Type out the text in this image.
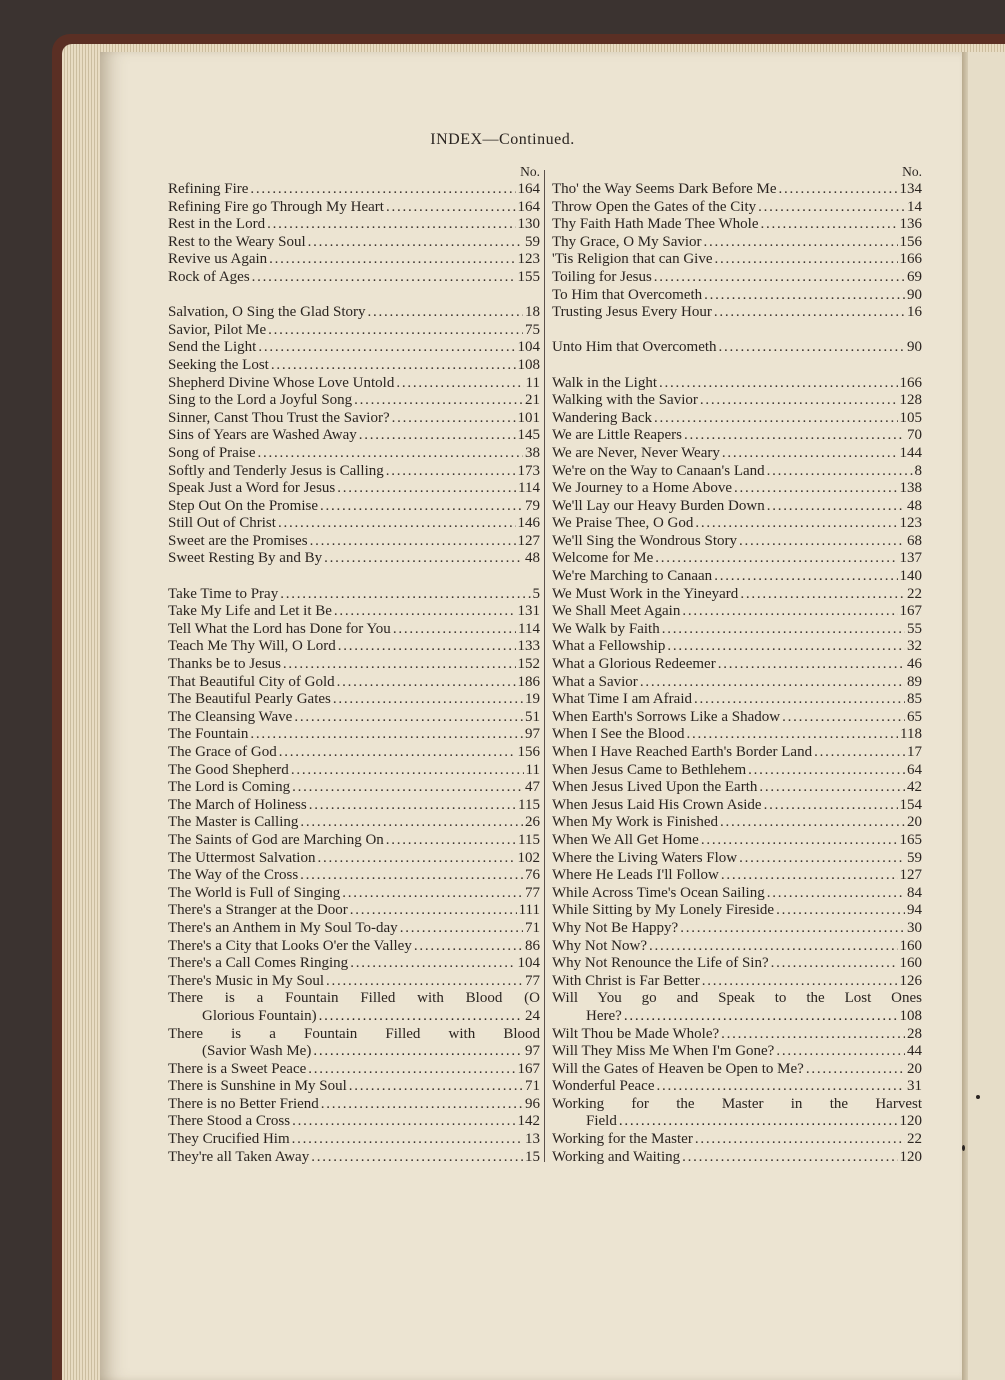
INDEX—Continued.
No.
Refining Fire . . .	164
Refining Fire go Through My Heart . . .	164
Rest in the Lord . . .	130
Rest to the Weary Soul . . .	59
Revive us Again . . .	123
Rock of Ages . . .	155
Salvation, O Sing the Glad Story . . .	18
Savior, Pilot Me . . .	75
Send the Light . . .	104
Seeking the Lost . . .	108
Shepherd Divine Whose Love Untold . . .	11
Sing to the Lord a Joyful Song . . .	21
Sinner, Canst Thou Trust the Savior? . . .	101
Sins of Years are Washed Away . . .	145
Song of Praise . . .	38
Softly and Tenderly Jesus is Calling . . .	173
Speak Just a Word for Jesus . . .	114
Step Out On the Promise . . .	79
Still Out of Christ . . .	146
Sweet are the Promises . . .	127
Sweet Resting By and By . . .	48
Take Time to Pray . . .	5
Take My Life and Let it Be . . .	131
Tell What the Lord has Done for You . . .	114
Teach Me Thy Will, O Lord . . .	133
Thanks be to Jesus . . .	152
That Beautiful City of Gold . . .	186
The Beautiful Pearly Gates . . .	19
The Cleansing Wave . . .	51
The Fountain . . .	97
The Grace of God . . .	156
The Good Shepherd . . .	11
The Lord is Coming . . .	47
The March of Holiness . . .	115
The Master is Calling . . .	26
The Saints of God are Marching On . . .	115
The Uttermost Salvation . . .	102
The Way of the Cross . . .	76
The World is Full of Singing . . .	77
There's a Stranger at the Door . . .	111
There's an Anthem in My Soul To-day . . .	71
There's a City that Looks O'er the Valley . . .	86
There's a Call Comes Ringing . . .	104
There's Music in My Soul . . .	77
There is a Fountain Filled with Blood (O
Glorious Fountain) . . .	24
There is a Fountain Filled with Blood
(Savior Wash Me) . . .	97
There is a Sweet Peace . . .	167
There is Sunshine in My Soul . . .	71
There is no Better Friend . . .	96
There Stood a Cross . . .	142
They Crucified Him . . .	13
They're all Taken Away . . .	15
No.
Tho' the Way Seems Dark Before Me . . .	134
Throw Open the Gates of the City . . .	14
Thy Faith Hath Made Thee Whole . . .	136
Thy Grace, O My Savior . . .	156
'Tis Religion that can Give . . .	166
Toiling for Jesus . . .	69
To Him that Overcometh . . .	90
Trusting Jesus Every Hour . . .	16
Unto Him that Overcometh . . .	90
Walk in the Light . . .	166
Walking with the Savior . . .	128
Wandering Back . . .	105
We are Little Reapers . . .	70
We are Never, Never Weary . . .	144
We're on the Way to Canaan's Land . . .	8
We Journey to a Home Above . . .	138
We'll Lay our Heavy Burden Down . . .	48
We Praise Thee, O God . . .	123
We'll Sing the Wondrous Story . . .	68
Welcome for Me . . .	137
We're Marching to Canaan . . .	140
We Must Work in the Yineyard . . .	22
We Shall Meet Again . . .	167
We Walk by Faith . . .	55
What a Fellowship . . .	32
What a Glorious Redeemer . . .	46
What a Savior . . .	89
What Time I am Afraid . . .	85
When Earth's Sorrows Like a Shadow . . .	65
When I See the Blood . . .	118
When I Have Reached Earth's Border Land . . .	17
When Jesus Came to Bethlehem . . .	64
When Jesus Lived Upon the Earth . . .	42
When Jesus Laid His Crown Aside . . .	154
When My Work is Finished . . .	20
When We All Get Home . . .	165
Where the Living Waters Flow . . .	59
Where He Leads I'll Follow . . .	127
While Across Time's Ocean Sailing . . .	84
While Sitting by My Lonely Fireside . . .	94
Why Not Be Happy? . . .	30
Why Not Now? . . .	160
Why Not Renounce the Life of Sin? . . .	160
With Christ is Far Better . . .	126
Will You go and Speak to the Lost Ones
Here? . . .	108
Wilt Thou be Made Whole? . . .	28
Will They Miss Me When I'm Gone? . . .	44
Will the Gates of Heaven be Open to Me? . . .	20
Wonderful Peace . . .	31
Working for the Master in the Harvest
Field . . .	120
Working for the Master . . .	22
Working and Waiting . . .	120
